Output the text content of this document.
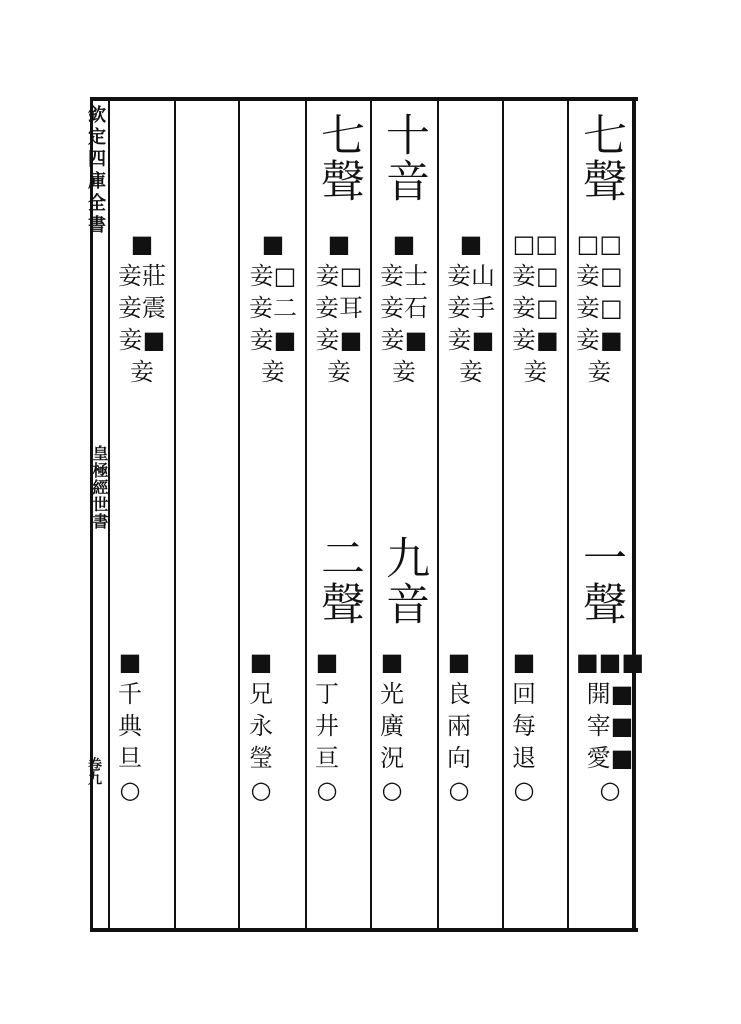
欽定四庫全書
皇極經世書
卷九
七聲
□□
妾□
妾□
妾■
妾
一聲
■■■
開■
宰■
愛■
○
□□
妾□
妾□
妾■
妾
■
回
每
退
○
■
妾山
妾手
妾■
妾
■
良
兩
向
○
十音
■
妾士
妾石
妾■
妾
九音
■
光
廣
況
○
七聲
■
妾□
妾耳
妾■
妾
二聲
■
丁
井
亘
○
■
妾□
妾二
妾■
妾
■
兄
永
瑩
○
■
妾莊
妾震
妾■
妾
■
千
典
旦
○
